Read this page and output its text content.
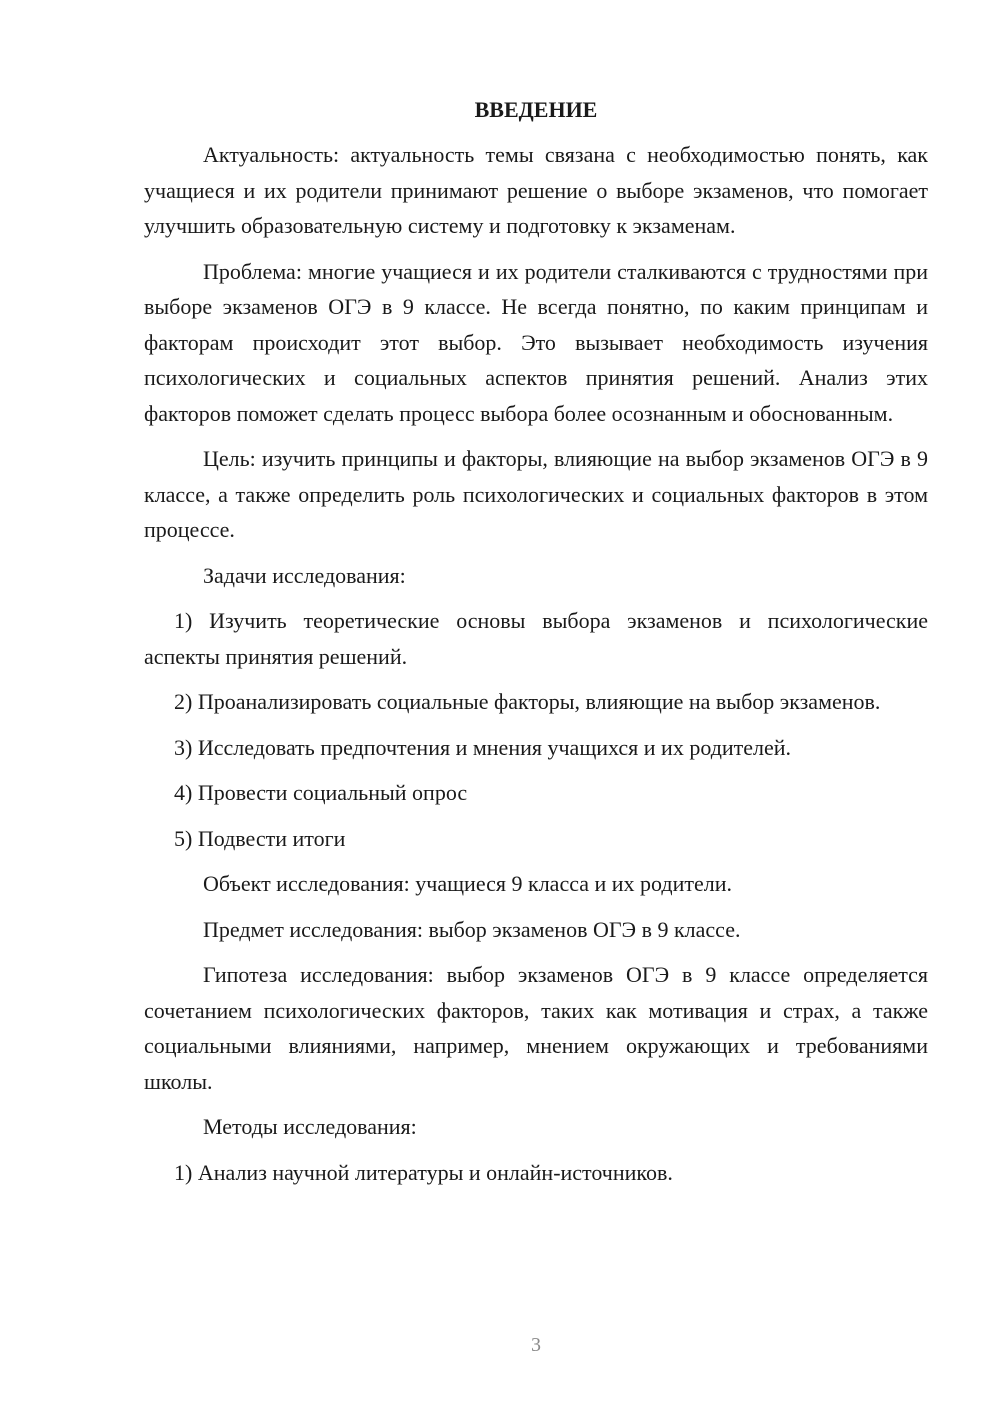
ВВЕДЕНИЕ

Актуальность: актуальность темы связана с необходимостью понять, как учащиеся и их родители принимают решение о выборе экзаменов, что помогает улучшить образовательную систему и подготовку к экзаменам.

Проблема: многие учащиеся и их родители сталкиваются с трудностями при выборе экзаменов ОГЭ в 9 классе. Не всегда понятно, по каким принципам и факторам происходит этот выбор. Это вызывает необходимость изучения психологических и социальных аспектов принятия решений. Анализ этих факторов поможет сделать процесс выбора более осознанным и обоснованным.

Цель: изучить принципы и факторы, влияющие на выбор экзаменов ОГЭ в 9 классе, а также определить роль психологических и социальных факторов в этом процессе.

Задачи исследования:

1) Изучить теоретические основы выбора экзаменов и психологические аспекты принятия решений.

2) Проанализировать социальные факторы, влияющие на выбор экзаменов.

3) Исследовать предпочтения и мнения учащихся и их родителей.

4) Провести социальный опрос

5) Подвести итоги

Объект исследования: учащиеся 9 класса и их родители.

Предмет исследования: выбор экзаменов ОГЭ в 9 классе.

Гипотеза исследования: выбор экзаменов ОГЭ в 9 классе определяется сочетанием психологических факторов, таких как мотивация и страх, а также социальными влияниями, например, мнением окружающих и требованиями школы.

Методы исследования:

1) Анализ научной литературы и онлайн-источников.

3
